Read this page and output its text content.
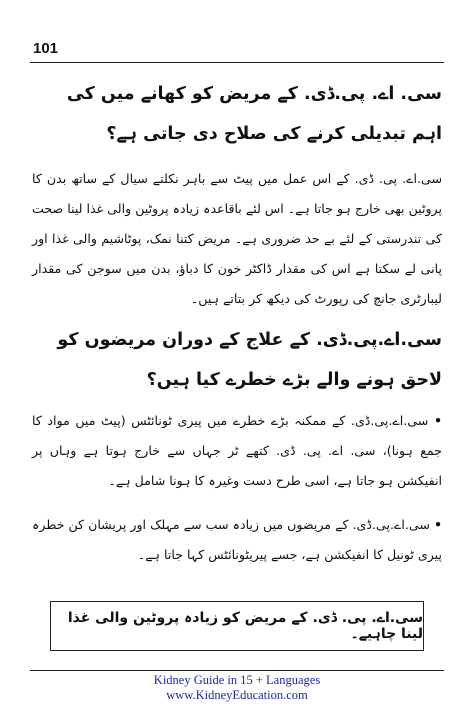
101

سی. اے. پی.ڈی. کے مریض کو کھانے میں کی اہم تبدیلی کرنے کی صلاح دی جاتی ہے؟

سی.اے. پی. ڈی. کے اس عمل میں پیٹ سے باہر نکلتے سیال کے ساتھ بدن کا پروٹین بھی خارج ہو جاتا ہے۔ اس لئے باقاعدہ زیادہ پروٹین والی غذا لینا صحت کی تندرستی کے لئے بے حد ضروری ہے۔ مریض کتنا نمک، پوٹاشیم والی غذا اور پانی لے سکتا ہے اس کی مقدار ڈاکٹر خون کا دباؤ، بدن میں سوجن کی مقدار لیبارٹری جانچ کی رپورٹ کی دیکھ کر بتاتے ہیں۔

سی.اے.پی.ڈی. کے علاج کے دوران مریضوں کو لاحق ہونے والے بڑے خطرے کیا ہیں؟

• سی.اے.پی.ڈی. کے ممکنہ بڑے خطرے میں پیری ٹونائٹس (پیٹ میں مواد کا جمع ہونا)، سی. اے. پی. ڈی. کتھے ٹر جہاں سے خارج ہوتا ہے وہاں پر انفیکشن ہو جاتا ہے، اسی طرح دست وغیرہ کا ہونا شامل ہے۔

• سی.اے.پی.ڈی. کے مریضوں میں زیادہ سب سے مہلک اور پریشان کن خطرہ پیری ٹونیل کا انفیکشن ہے، جسے پیریٹونائٹس کہا جاتا ہے۔

سی.اے. پی. ڈی. کے مریض کو زیادہ پروٹین والی غذا لینا چاہیے۔
Kidney Guide in 15 + Languages
www.KidneyEducation.com
